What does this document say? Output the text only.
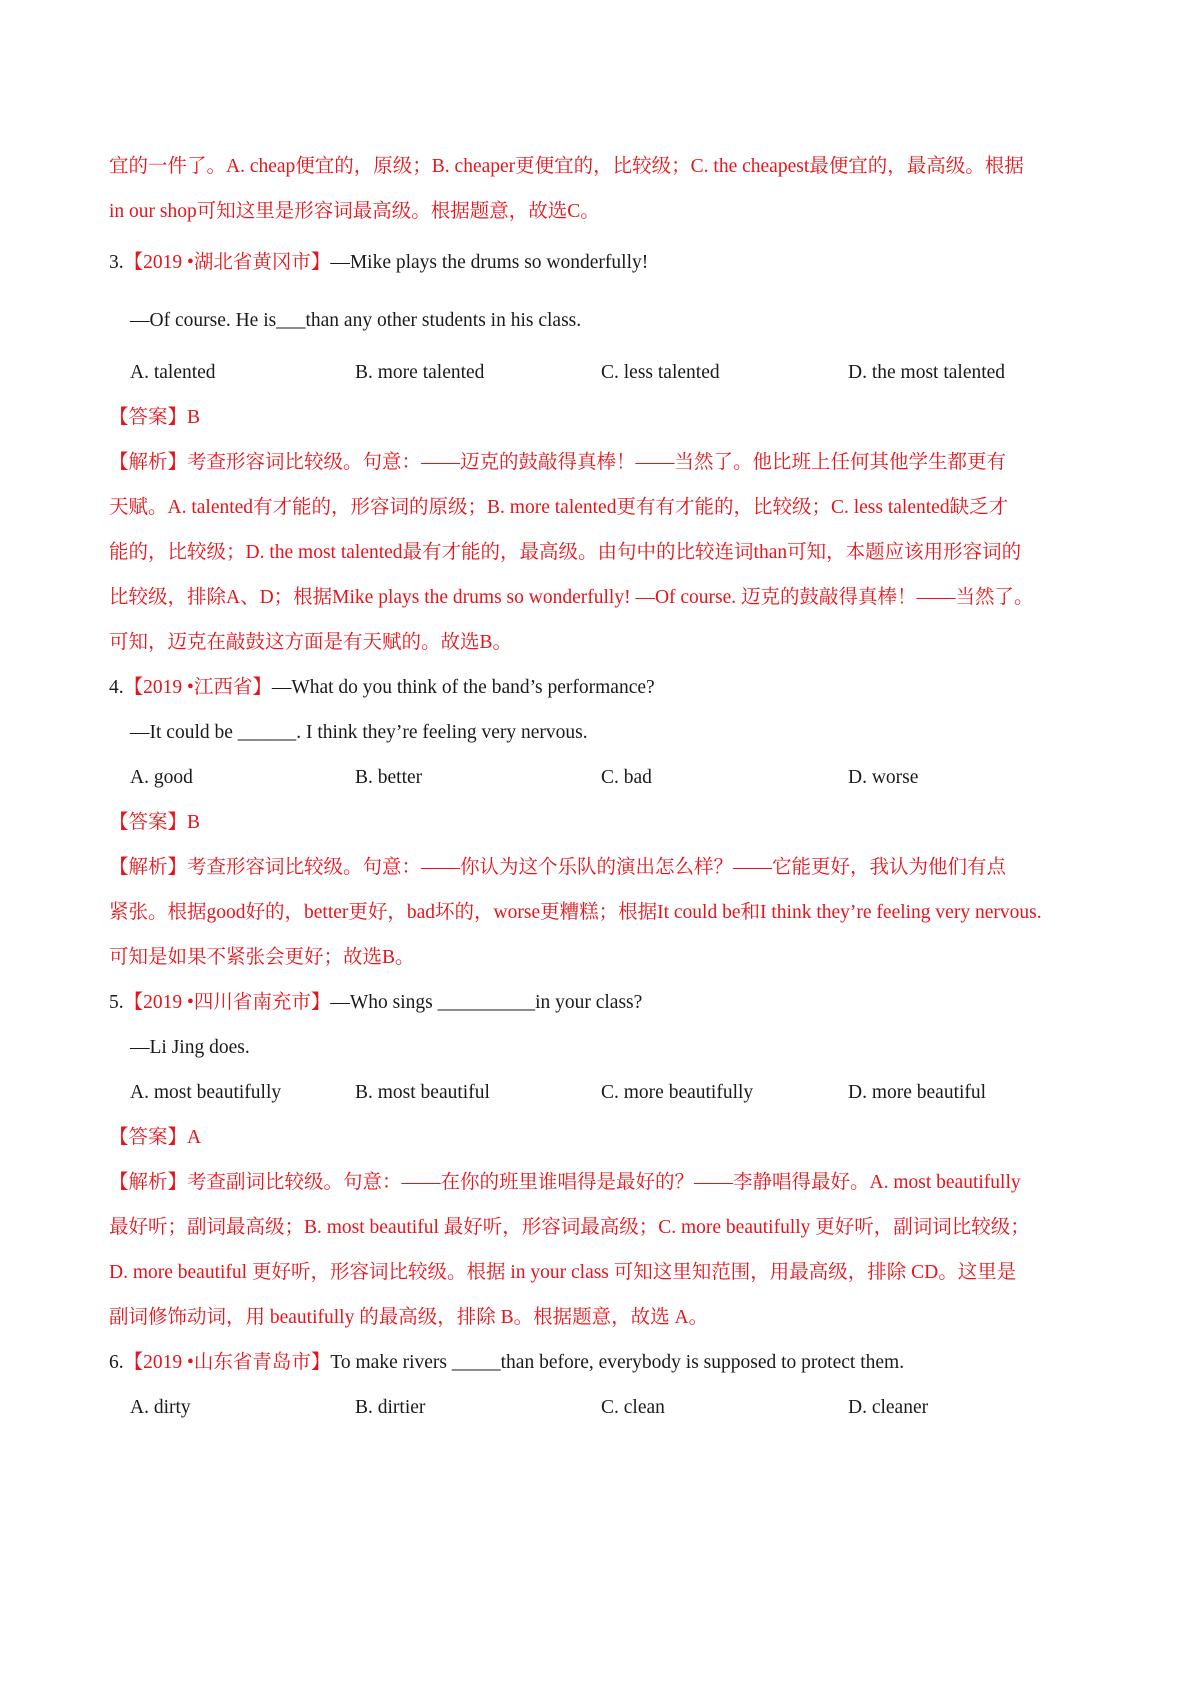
宜的一件了。A. cheap便宜的，原级；B. cheaper更便宜的，比较级；C. the cheapest最便宜的，最高级。根据
in our shop可知这里是形容词最高级。根据题意，故选C。
3.【2019 •湖北省黄冈市】—Mike plays the drums so wonderfully!
—Of course. He is___than any other students in his class.
A. talented	B. more talented	C. less talented	D. the most talented
【答案】B
【解析】考查形容词比较级。句意：——迈克的鼓敲得真棒！——当然了。他比班上任何其他学生都更有
天赋。A. talented有才能的，形容词的原级；B. more talented更有有才能的，比较级；C. less talented缺乏才
能的，比较级；D. the most talented最有才能的，最高级。由句中的比较连词than可知，本题应该用形容词的
比较级，排除A、D；根据Mike plays the drums so wonderfully! —Of course. 迈克的鼓敲得真棒！——当然了。
可知，迈克在敲鼓这方面是有天赋的。故选B。
4.【2019 •江西省】—What do you think of the band’s performance?
—It could be ______. I think they’re feeling very nervous.
A. good	B. better	C. bad	D. worse
【答案】B
【解析】考查形容词比较级。句意：——你认为这个乐队的演出怎么样？——它能更好，我认为他们有点
紧张。根据good好的，better更好，bad坏的，worse更糟糕；根据It could be和I think they’re feeling very nervous.
可知是如果不紧张会更好；故选B。
5.【2019 •四川省南充市】—Who sings __________in your class?
—Li Jing does.
A. most beautifully	B. most beautiful	C. more beautifully	D. more beautiful
【答案】A
【解析】考查副词比较级。句意：——在你的班里谁唱得是最好的？——李静唱得最好。A. most beautifully
最好听；副词最高级；B. most beautiful 最好听，形容词最高级；C. more beautifully 更好听，副词词比较级；
D. more beautiful 更好听，形容词比较级。根据 in your class 可知这里知范围，用最高级，排除 CD。这里是
副词修饰动词，用 beautifully 的最高级，排除 B。根据题意，故选 A。
6.【2019 •山东省青岛市】To make rivers _____than before, everybody is supposed to protect them.
A. dirty	B. dirtier	C. clean	D. cleaner
